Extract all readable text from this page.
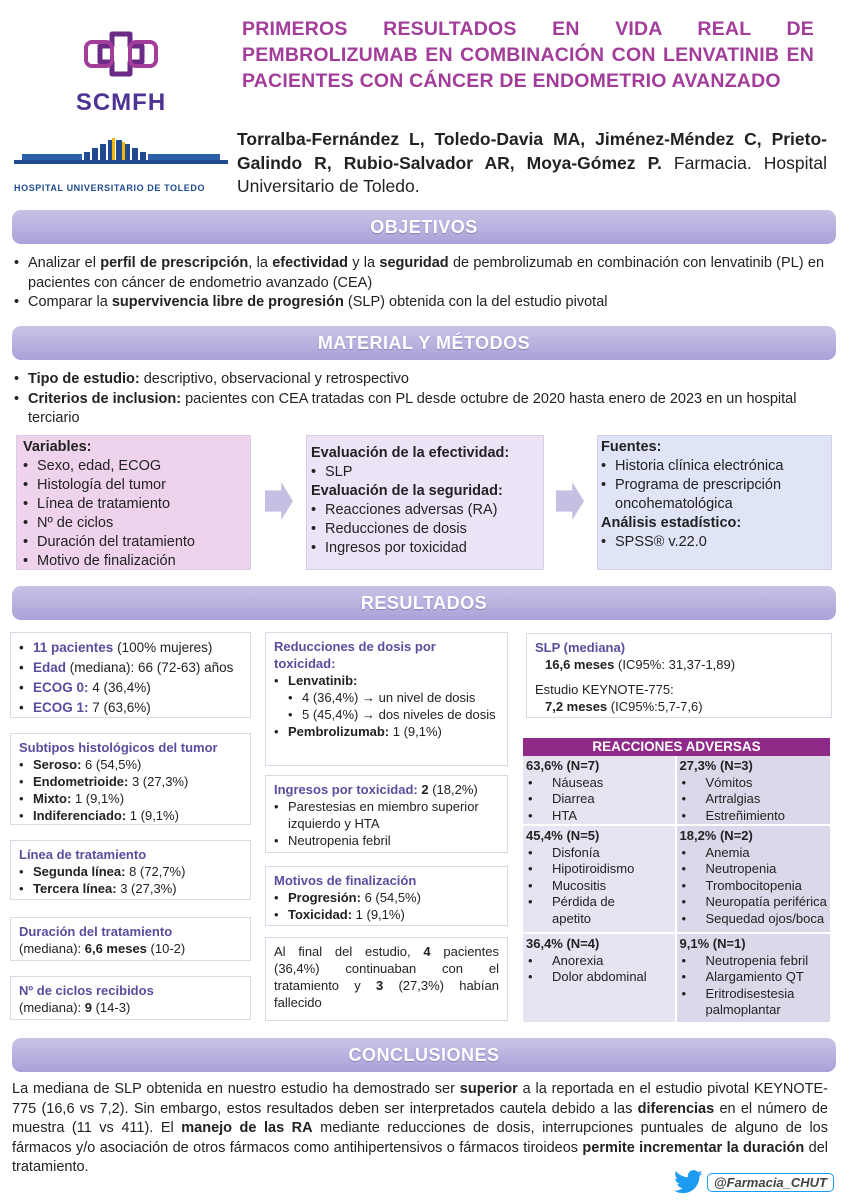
SCMFH
HOSPITAL UNIVERSITARIO DE TOLEDO
PRIMEROS RESULTADOS EN VIDA REAL DE PEMBROLIZUMAB EN COMBINACIÓN CON LENVATINIB EN PACIENTES CON CÁNCER DE ENDOMETRIO AVANZADO
Torralba-Fernández L, Toledo-Davia MA, Jiménez-Méndez C, Prieto-Galindo R, Rubio-Salvador AR, Moya-Gómez P. Farmacia. Hospital Universitario de Toledo.
OBJETIVOS
• Analizar el perfil de prescripción, la efectividad y la seguridad de pembrolizumab en combinación con lenvatinib (PL) en pacientes con cáncer de endometrio avanzado (CEA)
• Comparar la supervivencia libre de progresión (SLP) obtenida con la del estudio pivotal
MATERIAL Y MÉTODOS
• Tipo de estudio: descriptivo, observacional y retrospectivo
• Criterios de inclusion: pacientes con CEA tratadas con PL desde octubre de 2020 hasta enero de 2023 en un hospital terciario
Variables:
• Sexo, edad, ECOG
• Histología del tumor
• Línea de tratamiento
• Nº de ciclos
• Duración del tratamiento
• Motivo de finalización
Evaluación de la efectividad:
• SLP
Evaluación de la seguridad:
• Reacciones adversas (RA)
• Reducciones de dosis
• Ingresos por toxicidad
Fuentes:
• Historia clínica electrónica
• Programa de prescripción oncohematológica
Análisis estadístico:
• SPSS® v.22.0
RESULTADOS
• 11 pacientes (100% mujeres)
• Edad (mediana): 66 (72-63) años
• ECOG 0: 4 (36,4%)
• ECOG 1: 7 (63,6%)
Subtipos histológicos del tumor
• Seroso: 6 (54,5%)
• Endometrioide: 3 (27,3%)
• Mixto: 1 (9,1%)
• Indiferenciado: 1 (9,1%)
Línea de tratamiento
• Segunda línea: 8 (72,7%)
• Tercera línea: 3 (27,3%)
Duración del tratamiento
(mediana): 6,6 meses (10-2)
Nº de ciclos recibidos
(mediana): 9 (14-3)
Reducciones de dosis por toxicidad:
• Lenvatinib:
• 4 (36,4%) → un nivel de dosis
• 5 (45,4%) → dos niveles de dosis
• Pembrolizumab: 1 (9,1%)
Ingresos por toxicidad: 2 (18,2%)
• Parestesias en miembro superior izquierdo y HTA
• Neutropenia febril
Motivos de finalización
• Progresión: 6 (54,5%)
• Toxicidad: 1 (9,1%)
Al final del estudio, 4 pacientes (36,4%) continuaban con el tratamiento y 3 (27,3%) habían fallecido
SLP (mediana)
16,6 meses (IC95%: 31,37-1,89)
Estudio KEYNOTE-775:
7,2 meses (IC95%:5,7-7,6)
REACCIONES ADVERSAS
63,6% (N=7)
• Náuseas
• Diarrea
• HTA
27,3% (N=3)
• Vómitos
• Artralgias
• Estreñimiento
45,4% (N=5)
• Disfonía
• Hipotiroidismo
• Mucositis
• Pérdida de apetito
18,2% (N=2)
• Anemia
• Neutropenia
• Trombocitopenia
• Neuropatía periférica
• Sequedad ojos/boca
36,4% (N=4)
• Anorexia
• Dolor abdominal
9,1% (N=1)
• Neutropenia febril
• Alargamiento QT
• Eritrodisestesia palmoplantar
CONCLUSIONES
La mediana de SLP obtenida en nuestro estudio ha demostrado ser superior a la reportada en el estudio pivotal KEYNOTE-775 (16,6 vs 7,2). Sin embargo, estos resultados deben ser interpretados cautela debido a las diferencias en el número de muestra (11 vs 411). El manejo de las RA mediante reducciones de dosis, interrupciones puntuales de alguno de los fármacos y/o asociación de otros fármacos como antihipertensivos o fármacos tiroideos permite incrementar la duración del tratamiento.
@Farmacia_CHUT
